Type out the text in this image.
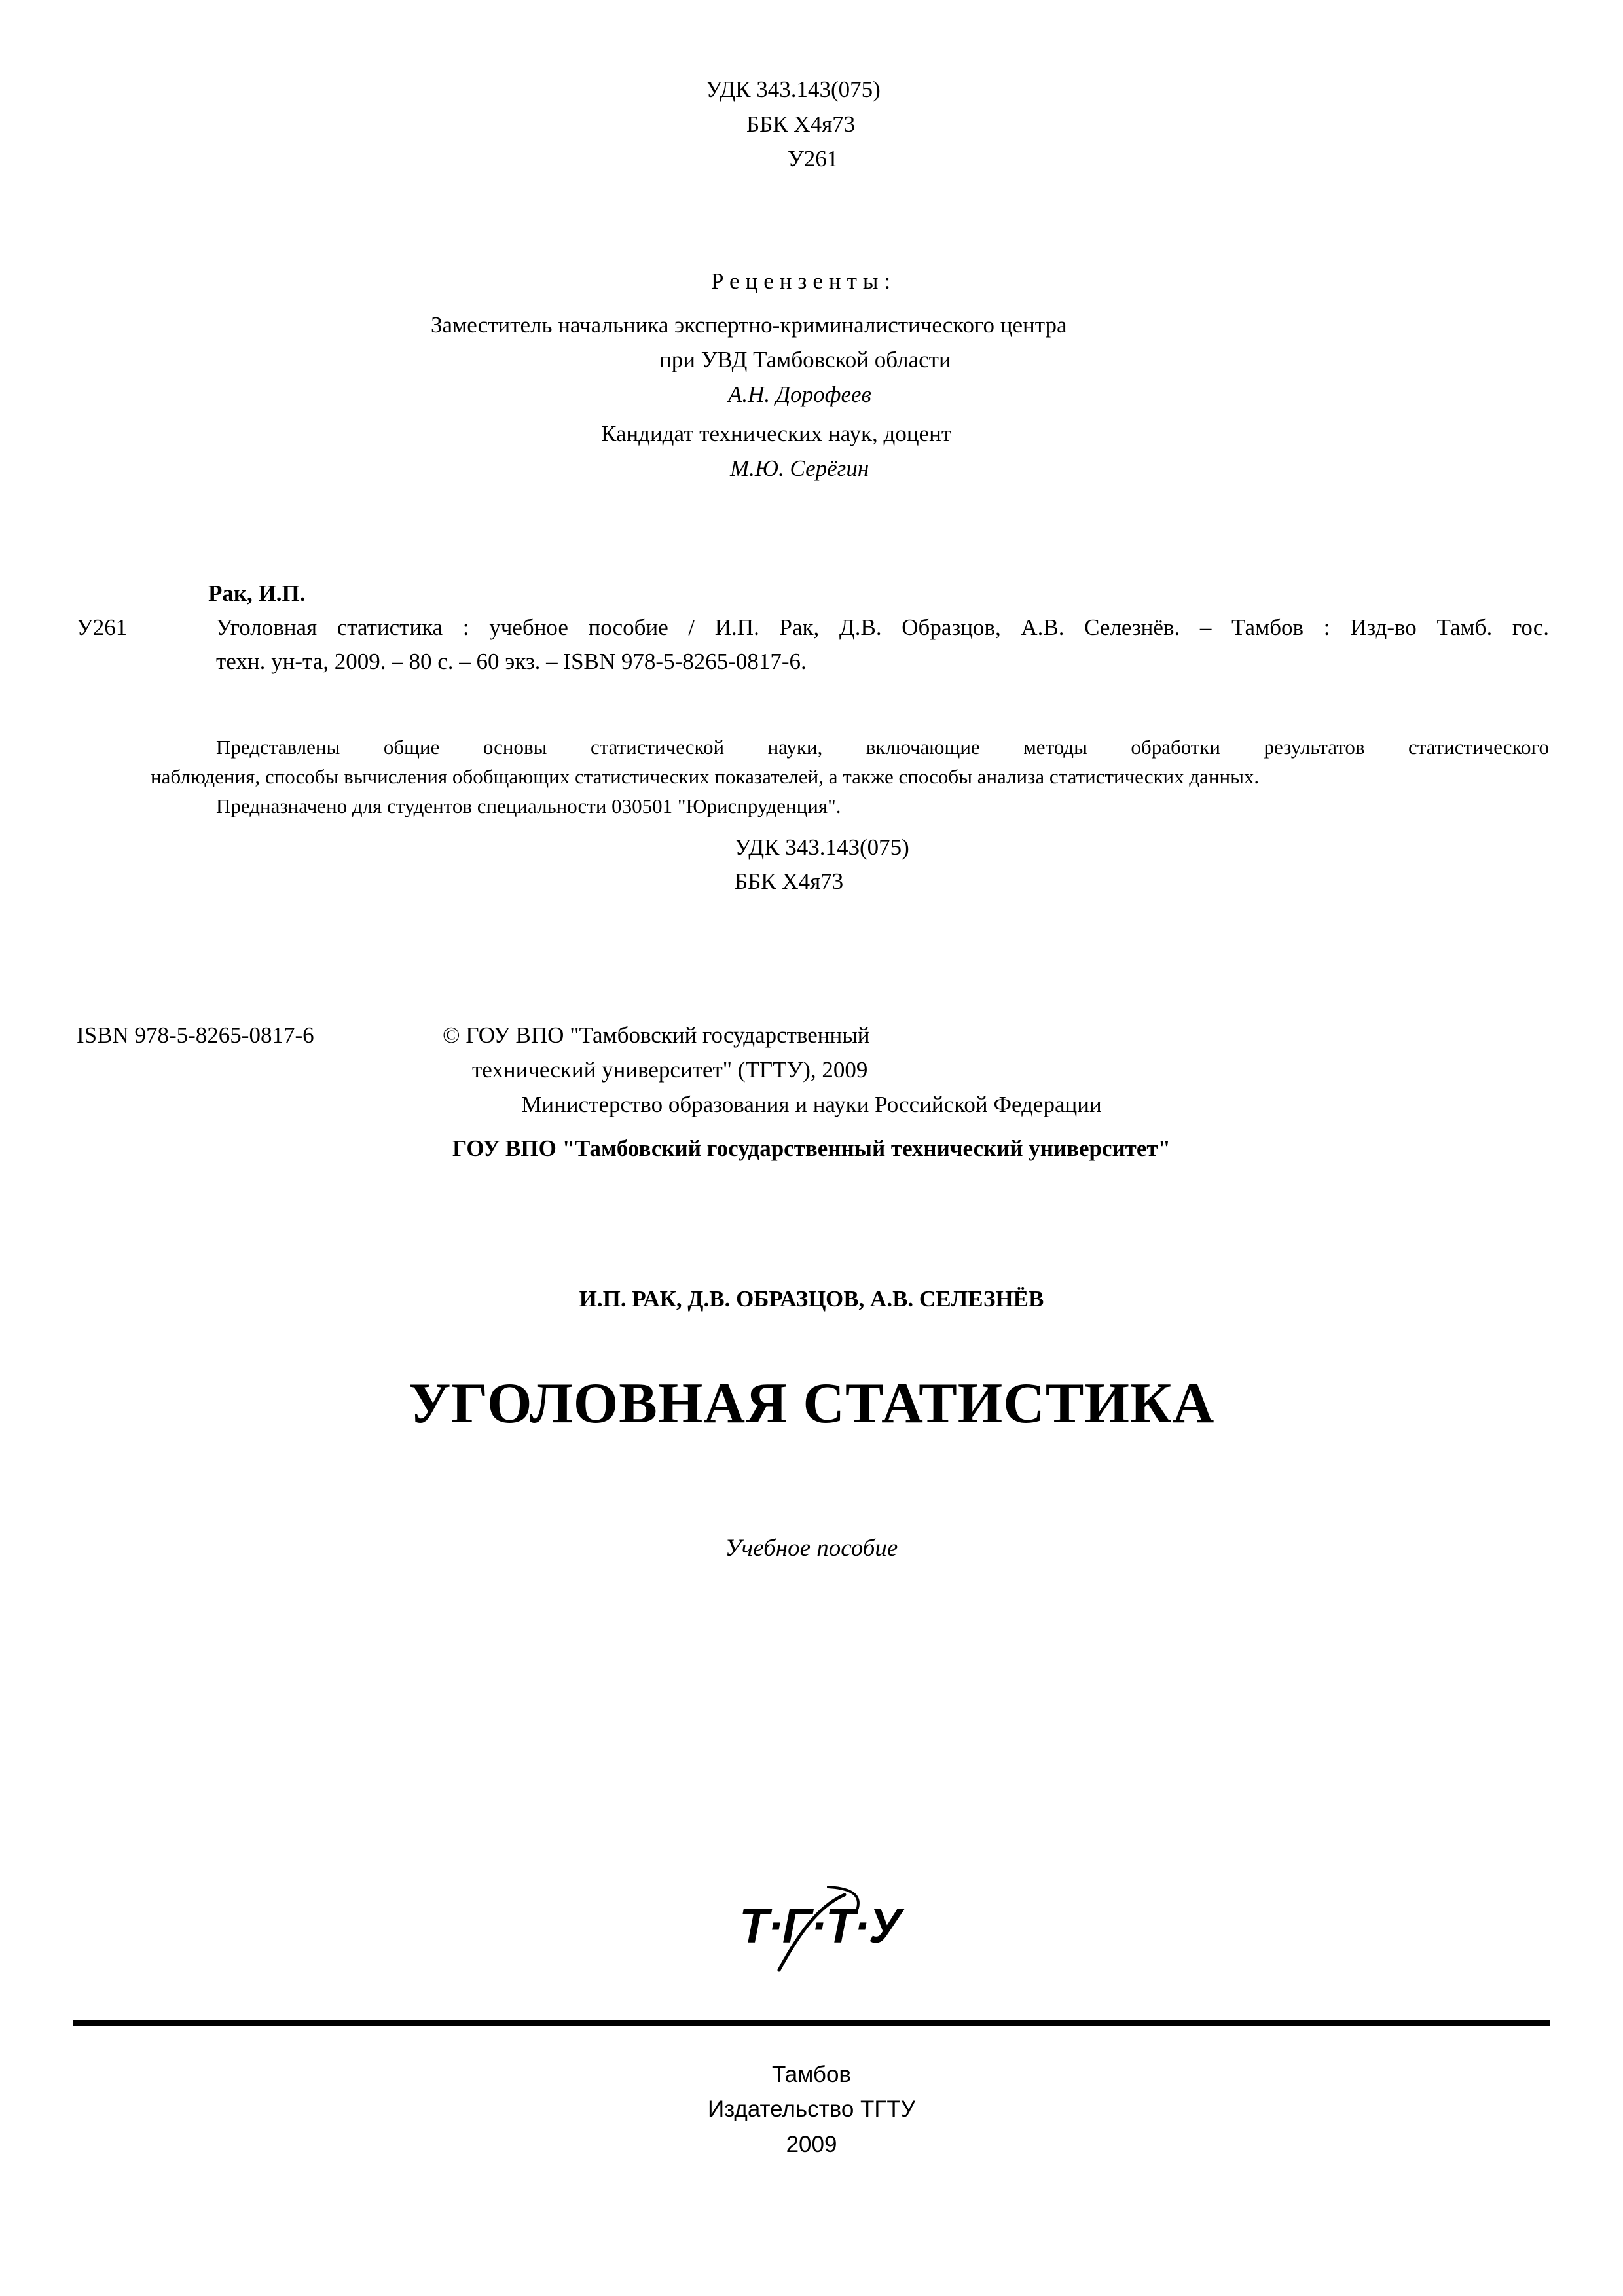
УДК 343.143(075)
ББК Х4я73
У261
Рецензенты:
Заместитель начальника экспертно-криминалистического центра
при УВД Тамбовской области
А.Н. Дорофеев
Кандидат технических наук, доцент
М.Ю. Серёгин
Рак, И.П.
У261	Уголовная статистика : учебное пособие / И.П. Рак, Д.В. Образцов, А.В. Селезнёв. – Тамбов : Изд-во Тамб. гос.
техн. ун-та, 2009. – 80 с. – 60 экз. – ISBN 978-5-8265-0817-6.
Представлены общие основы статистической науки, включающие методы обработки результатов статистического
наблюдения, способы вычисления обобщающих статистических показателей, а также способы анализа статистических данных.
Предназначено для студентов специальности 030501 "Юриспруденция".
УДК 343.143(075)
ББК Х4я73
ISBN 978-5-8265-0817-6	© ГОУ ВПО "Тамбовский государственный
технический университет" (ТГТУ), 2009
Министерство образования и науки Российской Федерации
ГОУ ВПО "Тамбовский государственный технический университет"
И.П. РАК, Д.В. ОБРАЗЦОВ, А.В. СЕЛЕЗНЁВ
УГОЛОВНАЯ СТАТИСТИКА
Учебное пособие
Т·Г·Т·У
Тамбов
Издательство ТГТУ
2009
